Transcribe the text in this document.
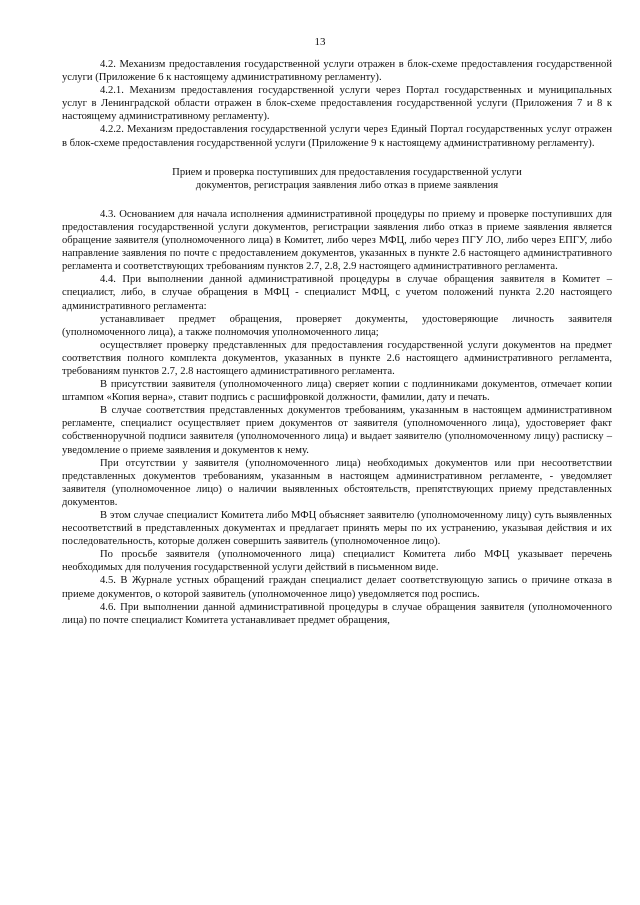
13

4.2. Механизм предоставления государственной услуги отражен в блок-схеме предоставления государственной услуги (Приложение 6 к настоящему административному регламенту).

4.2.1. Механизм предоставления государственной услуги через Портал государственных и муниципальных услуг в Ленинградской области отражен в блок-схеме предоставления государственной услуги (Приложения 7 и 8 к настоящему административному регламенту).

4.2.2. Механизм предоставления государственной услуги через Единый Портал государственных услуг отражен в блок-схеме предоставления государственной услуги (Приложение 9 к настоящему административному регламенту).

Прием и проверка поступивших для предоставления государственной услуги
документов, регистрация заявления либо отказ в приеме заявления

4.3. Основанием для начала исполнения административной процедуры по приему и проверке поступивших для предоставления государственной услуги документов, регистрации заявления либо отказ в приеме заявления является обращение заявителя (уполномоченного лица) в Комитет, либо через МФЦ, либо через ПГУ ЛО, либо через ЕПГУ, либо направление заявления по почте с предоставлением документов, указанных в пункте 2.6 настоящего административного регламента и соответствующих требованиям пунктов 2.7, 2.8, 2.9 настоящего административного регламента.

4.4. При выполнении данной административной процедуры в случае обращения заявителя в Комитет – специалист, либо, в случае обращения в МФЦ - специалист МФЦ, с учетом положений пункта 2.20 настоящего административного регламента:

устанавливает предмет обращения, проверяет документы, удостоверяющие личность заявителя (уполномоченного лица), а также полномочия уполномоченного лица;

осуществляет проверку представленных для предоставления государственной услуги документов на предмет соответствия полного комплекта документов, указанных в пункте 2.6 настоящего административного регламента, требованиям пунктов 2.7, 2.8 настоящего административного регламента.

В присутствии заявителя (уполномоченного лица) сверяет копии с подлинниками документов, отмечает копии штампом «Копия верна», ставит подпись с расшифровкой должности, фамилии, дату и печать.

В случае соответствия представленных документов требованиям, указанным в настоящем административном регламенте, специалист осуществляет прием документов от заявителя (уполномоченного лица), удостоверяет факт собственноручной подписи заявителя (уполномоченного лица) и выдает заявителю (уполномоченному лицу) расписку – уведомление о приеме заявления и документов к нему.

При отсутствии у заявителя (уполномоченного лица) необходимых документов или при несоответствии представленных документов требованиям, указанным в настоящем административном регламенте, - уведомляет заявителя (уполномоченное лицо) о наличии выявленных обстоятельств, препятствующих приему представленных документов.

В этом случае специалист Комитета либо МФЦ объясняет заявителю (уполномоченному лицу) суть выявленных несоответствий в представленных документах и предлагает принять меры по их устранению, указывая действия и их последовательность, которые должен совершить заявитель (уполномоченное лицо).

По просьбе заявителя (уполномоченного лица) специалист Комитета либо МФЦ указывает перечень необходимых для получения государственной услуги действий в письменном виде.

4.5. В Журнале устных обращений граждан специалист делает соответствующую запись о причине отказа в приеме документов, о которой заявитель (уполномоченное лицо) уведомляется под роспись.

4.6. При выполнении данной административной процедуры в случае обращения заявителя (уполномоченного лица) по почте специалист Комитета устанавливает предмет обращения,
